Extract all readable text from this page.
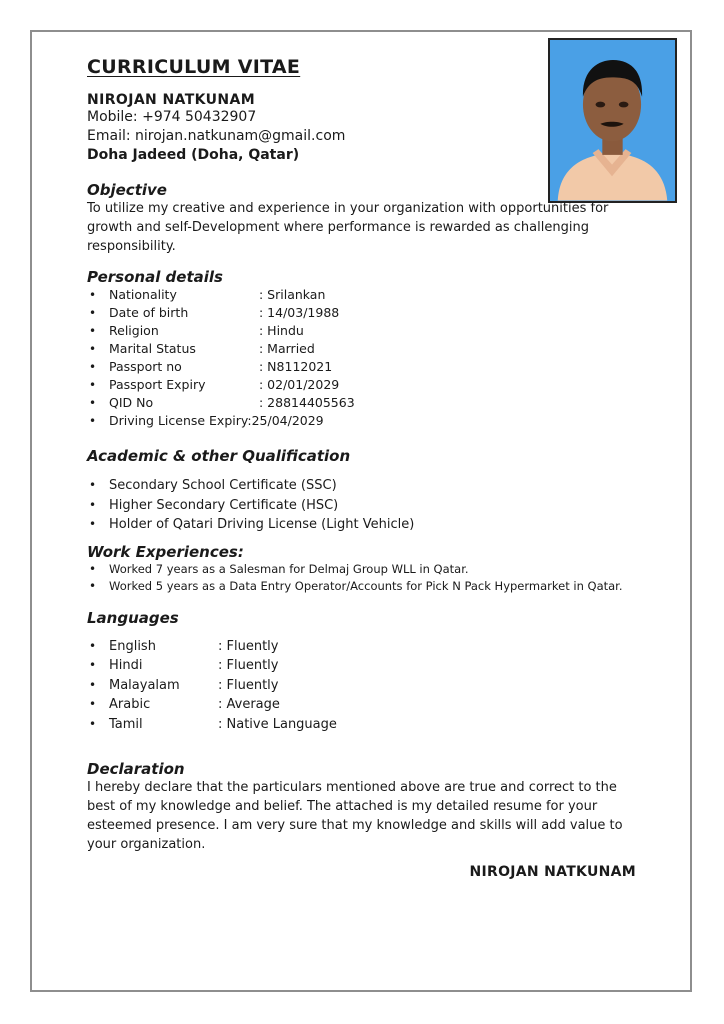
CURRICULUM VITAE
NIROJAN NATKUNAM
Mobile: +974 50432907
Email: nirojan.natkunam@gmail.com
Doha Jadeed (Doha, Qatar)
Objective
To utilize my creative and experience in your organization with opportunities for growth and self-Development where performance is rewarded as challenging responsibility.
Personal details
• Nationality	: Srilankan
• Date of birth	: 14/03/1988
• Religion	: Hindu
• Marital Status	: Married
• Passport no	: N8112021
• Passport Expiry	: 02/01/2029
• QID No	: 28814405563
• Driving License Expiry:25/04/2029
Academic & other Qualification
• Secondary School Certificate (SSC)
• Higher Secondary Certificate (HSC)
• Holder of Qatari Driving License (Light Vehicle)
Work Experiences:
• Worked 7 years as a Salesman for Delmaj Group WLL in Qatar.
• Worked 5 years as a Data Entry Operator/Accounts for Pick N Pack Hypermarket in Qatar.
Languages
• English	: Fluently
• Hindi	: Fluently
• Malayalam	: Fluently
• Arabic	: Average
• Tamil	: Native Language
Declaration
I hereby declare that the particulars mentioned above are true and correct to the best of my knowledge and belief. The attached is my detailed resume for your esteemed presence. I am very sure that my knowledge and skills will add value to your organization.
NIROJAN NATKUNAM
